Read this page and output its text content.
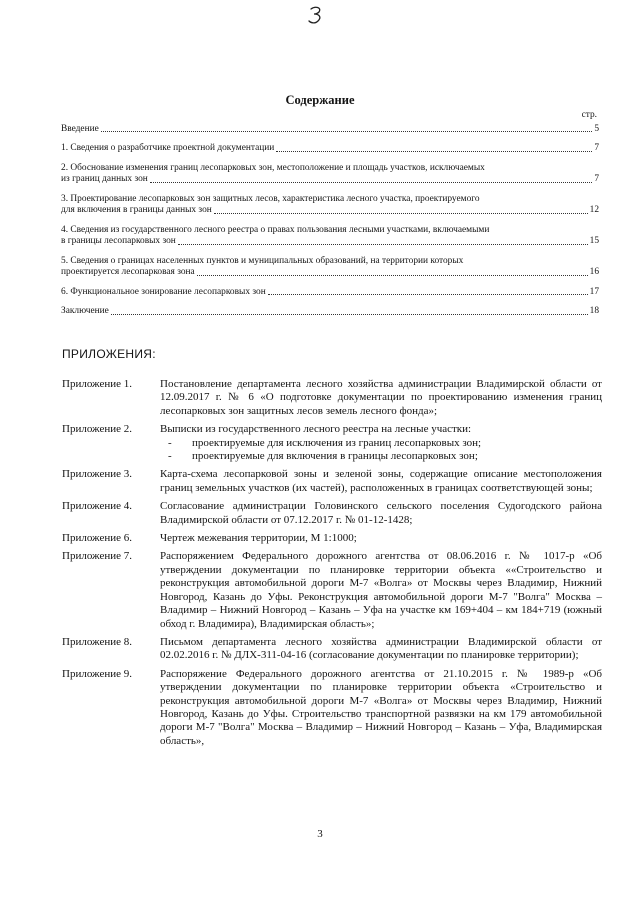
Содержание
стр.
Введение	5
1. Сведения о разработчике проектной документации	7
2. Обоснование изменения границ лесопарковых зон, местоположение и площадь участков, исключаемых
из границ данных зон	7
3. Проектирование лесопарковых зон защитных лесов, характеристика лесного участка, проектируемого
для включения в границы данных зон	12
4. Сведения из государственного лесного реестра о правах пользования лесными участками, включаемыми
в границы лесопарковых зон	15
5. Сведения о границах населенных пунктов и муниципальных образований, на территории которых
проектируется лесопарковая зона	16
6. Функциональное зонирование лесопарковых зон	17
Заключение	18
ПРИЛОЖЕНИЯ:
Приложение 1.	Постановление департамента лесного хозяйства администрации Владимирской области от 12.09.2017 г. № 6 «О подготовке документации по проектированию изменения границ лесопарковых зон защитных лесов земель лесного фонда»;
Приложение 2.	Выписки из государственного лесного реестра на лесные участки:
-	проектируемые для исключения из границ лесопарковых зон;
-	проектируемые для включения в границы лесопарковых зон;
Приложение 3.	Карта-схема лесопарковой зоны и зеленой зоны, содержащие описание местоположения границ земельных участков (их частей), расположенных в границах соответствующей зоны;
Приложение 4.	Согласование администрации Головинского сельского поселения Судогодского района Владимирской области от 07.12.2017 г. № 01-12-1428;
Приложение 6.	Чертеж межевания территории, М 1:1000;
Приложение 7.	Распоряжением Федерального дорожного агентства от 08.06.2016 г. № 1017-р «Об утверждении документации по планировке территории объекта ««Строительство и реконструкция автомобильной дороги М-7 «Волга» от Москвы через Владимир, Нижний Новгород, Казань до Уфы. Реконструкция автомобильной дороги М-7 "Волга" Москва – Владимир – Нижний Новгород – Казань – Уфа на участке км 169+404 – км 184+719 (южный обход г. Владимира), Владимирская область»;
Приложение 8.	Письмом департамента лесного хозяйства администрации Владимирской области от 02.02.2016 г. № ДЛХ-311-04-16 (согласование документации по планировке территории);
Приложение 9.	Распоряжение Федерального дорожного агентства от 21.10.2015 г. № 1989-р «Об утверждении документации по планировке территории объекта «Строительство и реконструкция автомобильной дороги М-7 «Волга» от Москвы через Владимир, Нижний Новгород, Казань до Уфы. Строительство транспортной развязки на км 179 автомобильной дороги М-7 "Волга" Москва – Владимир – Нижний Новгород – Казань – Уфа, Владимирская область»,
3
